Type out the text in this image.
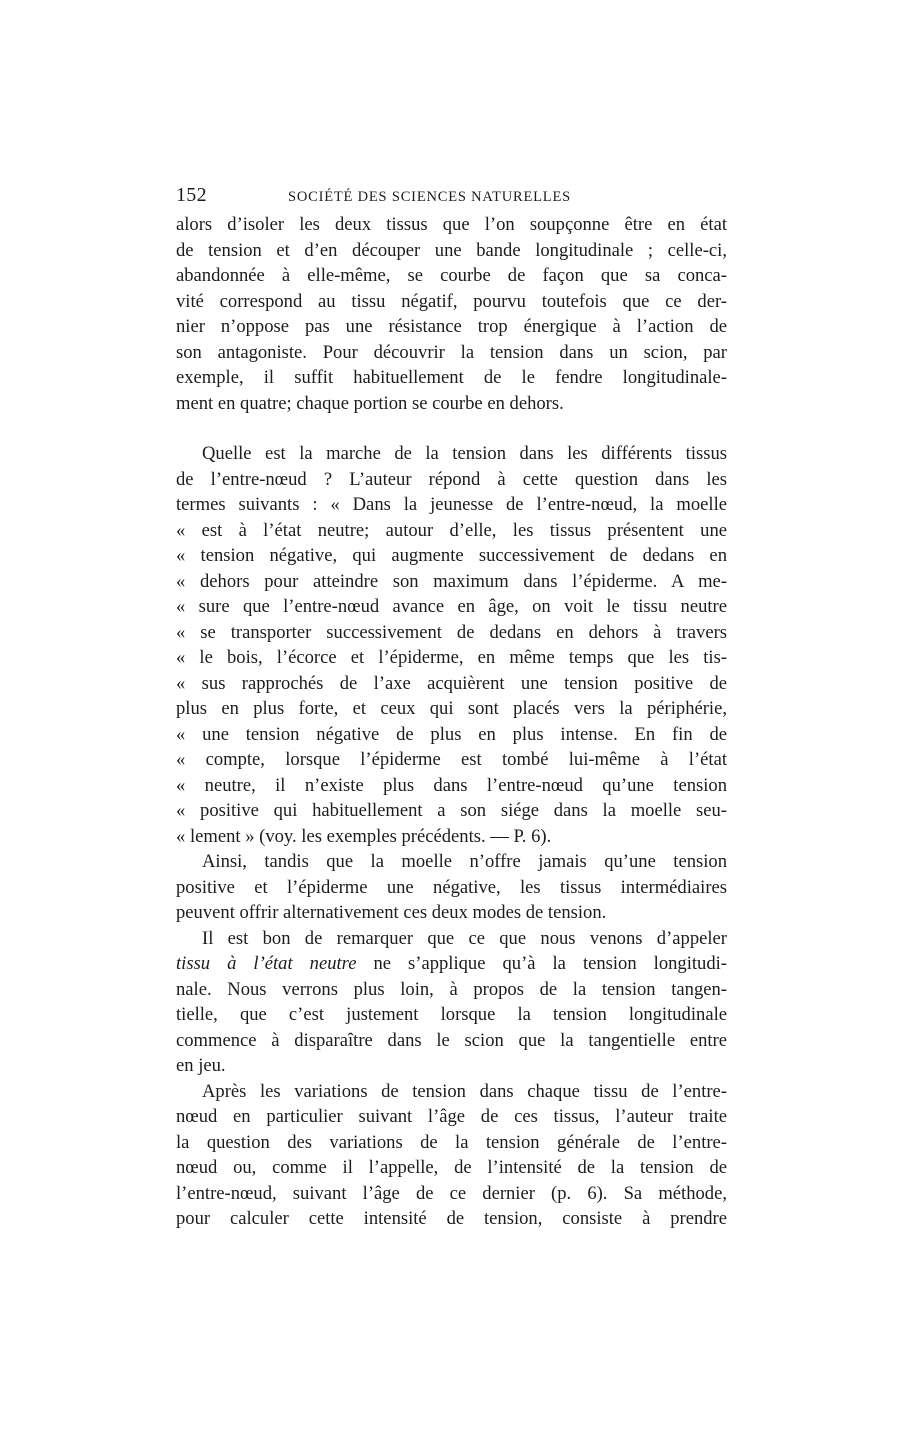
152	SOCIÉTÉ DES SCIENCES NATURELLES
alors d’isoler les deux tissus que l’on soupçonne être en état
de tension et d’en découper une bande longitudinale ; celle-ci,
abandonnée à elle-même, se courbe de façon que sa conca-
vité correspond au tissu négatif, pourvu toutefois que ce der-
nier n’oppose pas une résistance trop énergique à l’action de
son antagoniste. Pour découvrir la tension dans un scion, par
exemple, il suffit habituellement de le fendre longitudinale-
ment en quatre; chaque portion se courbe en dehors.
Quelle est la marche de la tension dans les différents tissus
de l’entre-nœud ? L’auteur répond à cette question dans les
termes suivants : « Dans la jeunesse de l’entre-nœud, la moelle
« est à l’état neutre; autour d’elle, les tissus présentent une
« tension négative, qui augmente successivement de dedans en
« dehors pour atteindre son maximum dans l’épiderme. A me-
« sure que l’entre-nœud avance en âge, on voit le tissu neutre
« se transporter successivement de dedans en dehors à travers
« le bois, l’écorce et l’épiderme, en même temps que les tis-
« sus rapprochés de l’axe acquièrent une tension positive de
plus en plus forte, et ceux qui sont placés vers la périphérie,
« une tension négative de plus en plus intense. En fin de
« compte, lorsque l’épiderme est tombé lui-même à l’état
« neutre, il n’existe plus dans l’entre-nœud qu’une tension
« positive qui habituellement a son siége dans la moelle seu-
« lement » (voy. les exemples précédents. — P. 6).
Ainsi, tandis que la moelle n’offre jamais qu’une tension
positive et l’épiderme une négative, les tissus intermédiaires
peuvent offrir alternativement ces deux modes de tension.
Il est bon de remarquer que ce que nous venons d’appeler
tissu à l’état neutre ne s’applique qu’à la tension longitudi-
nale. Nous verrons plus loin, à propos de la tension tangen-
tielle, que c’est justement lorsque la tension longitudinale
commence à disparaître dans le scion que la tangentielle entre
en jeu.
Après les variations de tension dans chaque tissu de l’entre-
nœud en particulier suivant l’âge de ces tissus, l’auteur traite
la question des variations de la tension générale de l’entre-
nœud ou, comme il l’appelle, de l’intensité de la tension de
l’entre-nœud, suivant l’âge de ce dernier (p. 6). Sa méthode,
pour calculer cette intensité de tension, consiste à prendre
